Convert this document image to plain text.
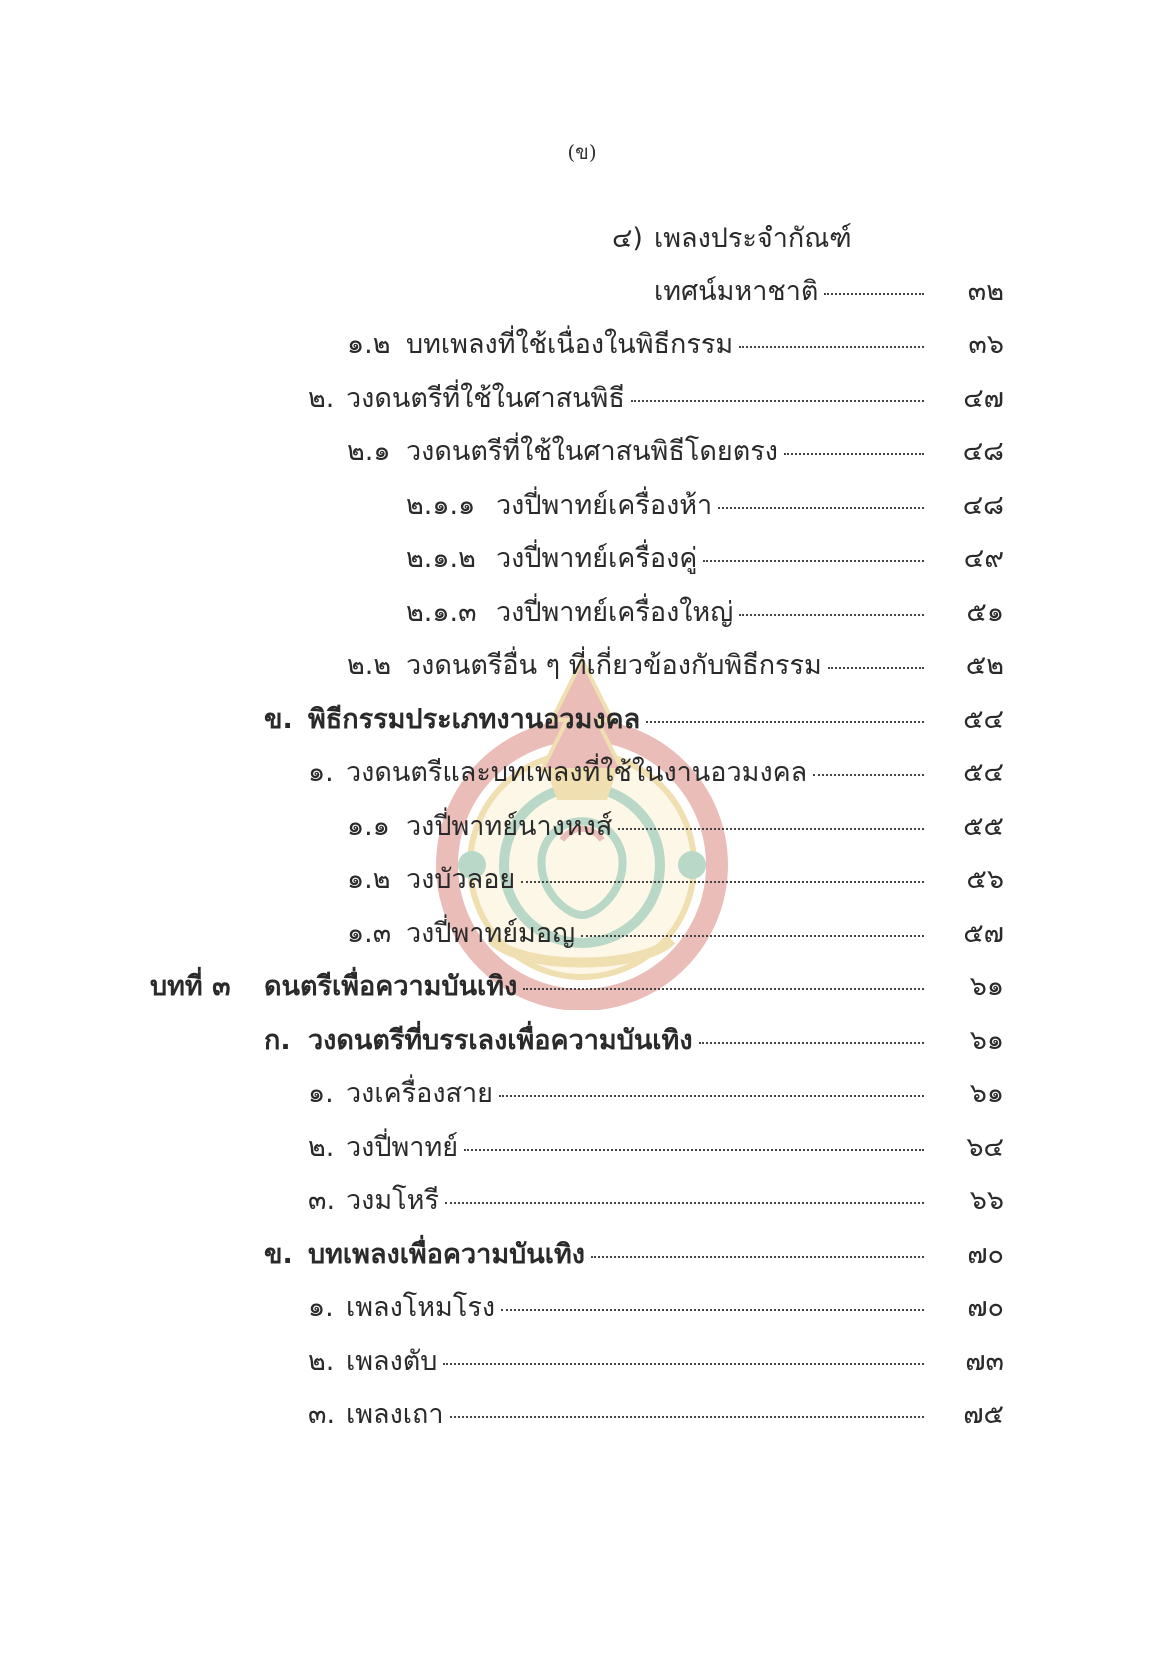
(ข)
๔) เพลงประจำกัณฑ์
เทศน์มหาชาติ	๓๒
๑.๒ บทเพลงที่ใช้เนื่องในพิธีกรรม	๓๖
๒. วงดนตรีที่ใช้ในศาสนพิธี	๔๗
๒.๑ วงดนตรีที่ใช้ในศาสนพิธีโดยตรง	๔๘
๒.๑.๑ วงปี่พาทย์เครื่องห้า	๔๘
๒.๑.๒ วงปี่พาทย์เครื่องคู่	๔๙
๒.๑.๓ วงปี่พาทย์เครื่องใหญ่	๕๑
๒.๒ วงดนตรีอื่น ๆ ที่เกี่ยวข้องกับพิธีกรรม	๕๒
ข. พิธีกรรมประเภทงานอวมงคล	๕๔
๑. วงดนตรีและบทเพลงที่ใช้ในงานอวมงคล	๕๔
๑.๑ วงปี่พาทย์นางหงส์	๕๕
๑.๒ วงบัวลอย	๕๖
๑.๓ วงปี่พาทย์มอญ	๕๗
บทที่ ๓ ดนตรีเพื่อความบันเทิง	๖๑
ก. วงดนตรีที่บรรเลงเพื่อความบันเทิง	๖๑
๑. วงเครื่องสาย	๖๑
๒. วงปี่พาทย์	๖๔
๓. วงมโหรี	๖๖
ข. บทเพลงเพื่อความบันเทิง	๗๐
๑. เพลงโหมโรง	๗๐
๒. เพลงตับ	๗๓
๓. เพลงเถา	๗๕
